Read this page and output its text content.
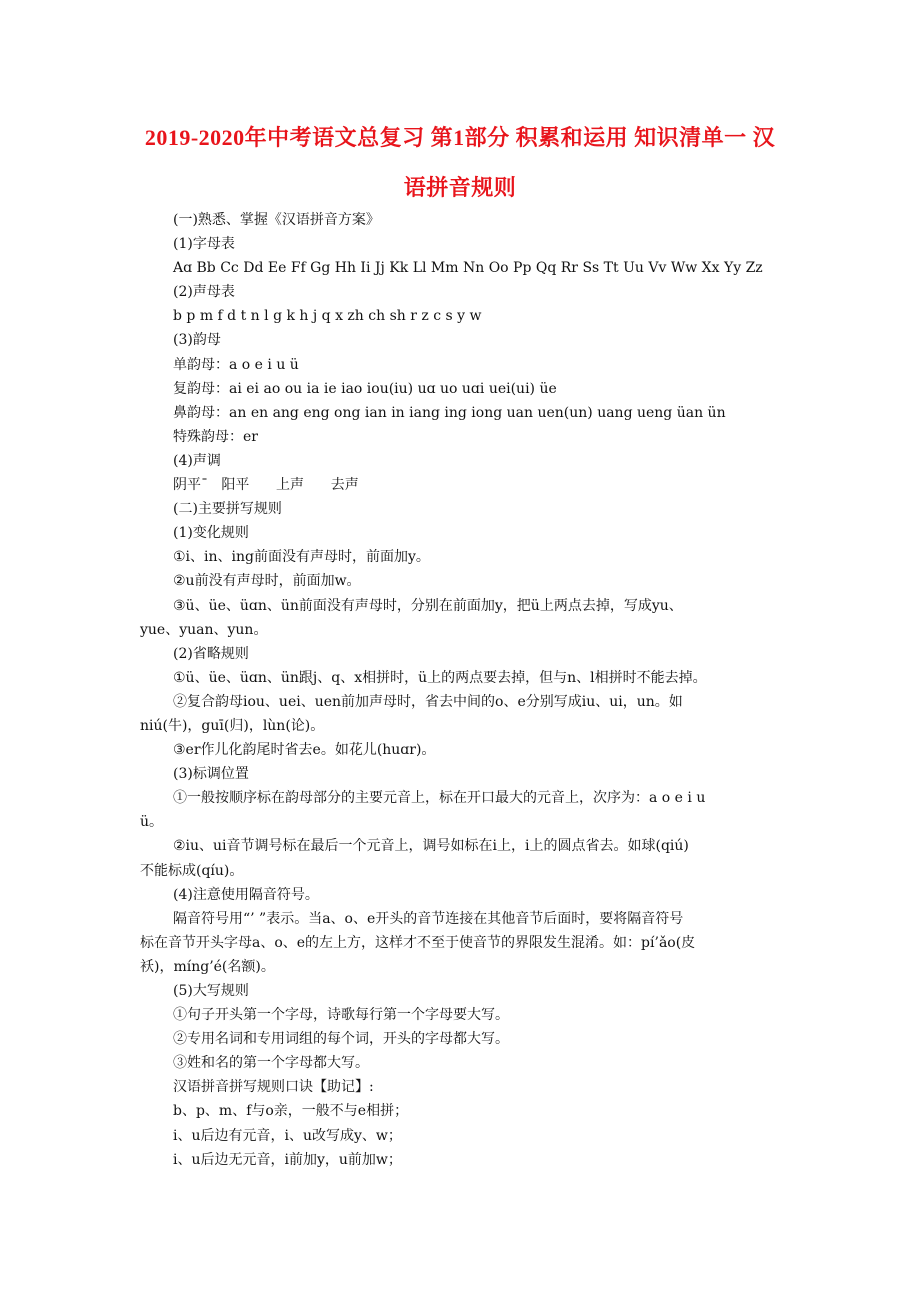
2019-2020年中考语文总复习 第1部分 积累和运用 知识清单一 汉
语拼音规则
(一)熟悉、掌握《汉语拼音方案》
(1)字母表
Aɑ Bb Cc Dd Ee Ff Gg Hh Ii Jj Kk Ll Mm Nn Oo Pp Qq Rr Ss Tt Uu Vv Ww Xx Yy Zz
(2)声母表
b p m f d t n l g k h j q x zh ch sh r z c s y w
(3)韵母
单韵母：a o e i u ü
复韵母：ai ei ao ou ia ie iao iou(iu) uɑ uo uɑi uei(ui) üe
鼻韵母：an en ang eng ong ian in iang ing iong uan uen(un) uang ueng üan ün
特殊韵母：er
(4)声调
阴平ˉ   阳平      上声      去声
(二)主要拼写规则
(1)变化规则
①i、in、ing前面没有声母时，前面加y。
②u前没有声母时，前面加w。
③ü、üe、üɑn、ün前面没有声母时，分别在前面加y，把ü上两点去掉，写成yu、
yue、yuan、yun。
(2)省略规则
①ü、üe、üɑn、ün跟j、q、x相拼时，ü上的两点要去掉，但与n、l相拼时不能去掉。
②复合韵母iou、uei、uen前加声母时，省去中间的o、e分别写成iu、ui，un。如
niú(牛)，guī(归)，lùn(论)。
③er作儿化韵尾时省去e。如花儿(huɑr)。
(3)标调位置
①一般按顺序标在韵母部分的主要元音上，标在开口最大的元音上，次序为：a o e i u
ü。
②iu、ui音节调号标在最后一个元音上，调号如标在i上，i上的圆点省去。如球(qiú)
不能标成(qíu)。
(4)注意使用隔音符号。
隔音符号用“’ ”表示。当a、o、e开头的音节连接在其他音节后面时，要将隔音符号
标在音节开头字母a、o、e的左上方，这样才不至于使音节的界限发生混淆。如：pí’ǎo(皮
袄)，míng’é(名额)。
(5)大写规则
①句子开头第一个字母，诗歌每行第一个字母要大写。
②专用名词和专用词组的每个词，开头的字母都大写。
③姓和名的第一个字母都大写。
汉语拼音拼写规则口诀【助记】:
b、p、m、f与o亲，一般不与e相拼；
i、u后边有元音，i、u改写成y、w；
i、u后边无元音，i前加y，u前加w；
